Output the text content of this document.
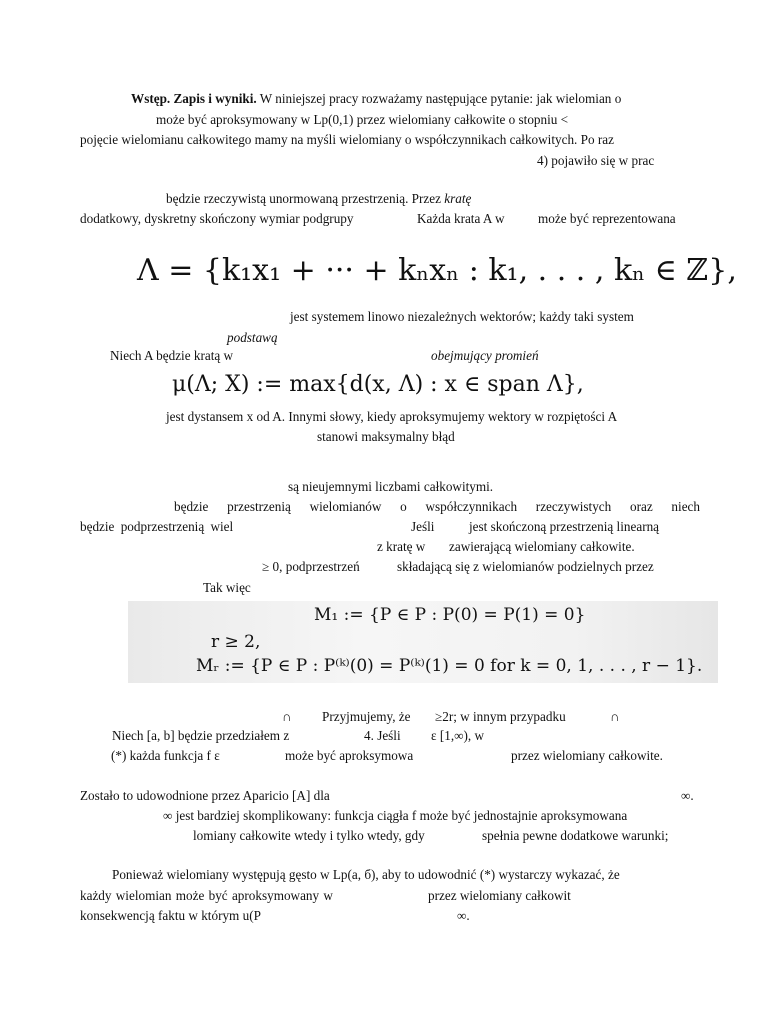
Wstęp. Zapis i wyniki. W niniejszej pracy rozważamy następujące pytanie: jak wielomian o
może być aproksymowany w Lp(0,1) przez wielomiany całkowite o stopniu <
pojęcie wielomianu całkowitego mamy na myśli wielomiany o współczynnikach całkowitych. Po raz
4) pojawiło się w prac
będzie rzeczywistą unormowaną przestrzenią. Przez kratę
dodatkowy, dyskretny skończony wymiar podgrupy	Każda krata A w	może być reprezentowana
Λ = {k₁x₁ + ··· + kₙxₙ : k₁, . . . , kₙ ∈ ℤ},
jest systemem linowo niezależnych wektorów; każdy taki system
podstawą
Niech A będzie kratą w	obejmujący promień
μ(Λ; X) := max{d(x, Λ) : x ∈ span Λ},
jest dystansem x od A. Innymi słowy, kiedy aproksymujemy wektory w rozpiętości A
stanowi maksymalny błąd
są nieujemnymi liczbami całkowitymi.
będzie przestrzenią wielomianów o współczynnikach rzeczywistych oraz niech
będzie podprzestrzenią wiel	Jeśli	jest skończoną przestrzenią linearną
z kratę w zawierającą wielomiany całkowite.
≥ 0, podprzestrzeń	składającą się z wielomianów podzielnych przez
Tak więc
M₁ := {P ∈ P : P(0) = P(1) = 0}
r ≥ 2,
Mᵣ := {P ∈ P : P⁽ᵏ⁾(0) = P⁽ᵏ⁾(1) = 0 for k = 0, 1, . . . , r − 1}.
∩ Przyjmujemy, że ≥2r; w innym przypadku	∩
Niech [a, b] będzie przedziałem z	4. Jeśli ε [1,∞), w
(*) każda funkcja f ε	może być aproksymowa	przez wielomiany całkowite.
Zostało to udowodnione przez Aparicio [A] dla	∞.
∞ jest bardziej skomplikowany: funkcja ciągła f może być jednostajnie aproksymowana
lomiany całkowite wtedy i tylko wtedy, gdy	spełnia pewne dodatkowe warunki;
Ponieważ wielomiany występują gęsto w Lp(a, б), aby to udowodnić (*) wystarczy wykazać, że
każdy wielomian może być aproksymowany w	przez wielomiany całkowit
konsekwencją faktu w którym u(P	∞.
